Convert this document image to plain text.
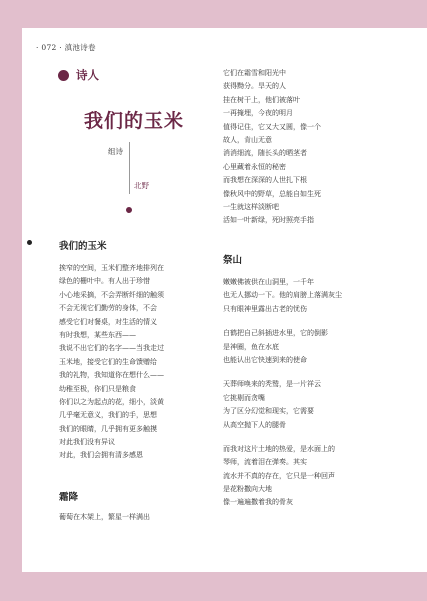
· 072 · 滇池诗卷
诗人
我们的玉米
组诗
北野
我们的玉米
挨窄的空间，玉米们整齐地排列在
绿色的栅叶中。有人出于珍惜
小心地采摘，不会弄断纤细的触须
不会无视它们勤劳的身体，不会
感受它们对餐桌，对生活的情义
有时我想，某些东西——
我说不出它们的名字——当我走过
玉米地，接受它们的生命馈赠给
我的礼物，我知道你在想什么——
幼稚至极，你们只是粮食
你们以之为起点的花，细小，淡黄
几乎毫无意义，我们的手，思想
我们的眼睛，几乎拥有更多触摸
对此我们没有异议
对此，我们会拥有清多感恩
霜降
葡萄在木架上，繁星一样满出
它们在霜雪和阳光中
获得黝分。旱天的人
挂在树干上，他们被落叶
一再掩埋，今夜的明月
值得记住，它又大又圆，像一个
故人，肯山无意
消消细流，随长头的晒茎者
心里藏着永恒的秘密
而我想在深深的人世扎下根
像秋风中的野草，总能自如生死
一生就这样淡断吧
活如一叶新绿，死时照亮手指
祭山
嫩嫩佛被供在山洞里，一千年
也无人挪动一下。他的肩膀上落满灰尘
只有眼神里露出古老的忧伤
白鹤把自己斜插进水里，它的倒影
是神圈，鱼在水底
也能认出它快速到来的使命
天葬师唤来的秃鹫，是一片祥云
它挑剔而贪嘴
为了区分幻觉和现实，它需要
从高空抛下人的腿骨
而我对这片土地的热爱，是水面上的
琴师，流着泪在弹奏。其实
流水并不真的存在，它只是一种回声
是花粉撒向大地
像一遍遍撒着我的骨灰
